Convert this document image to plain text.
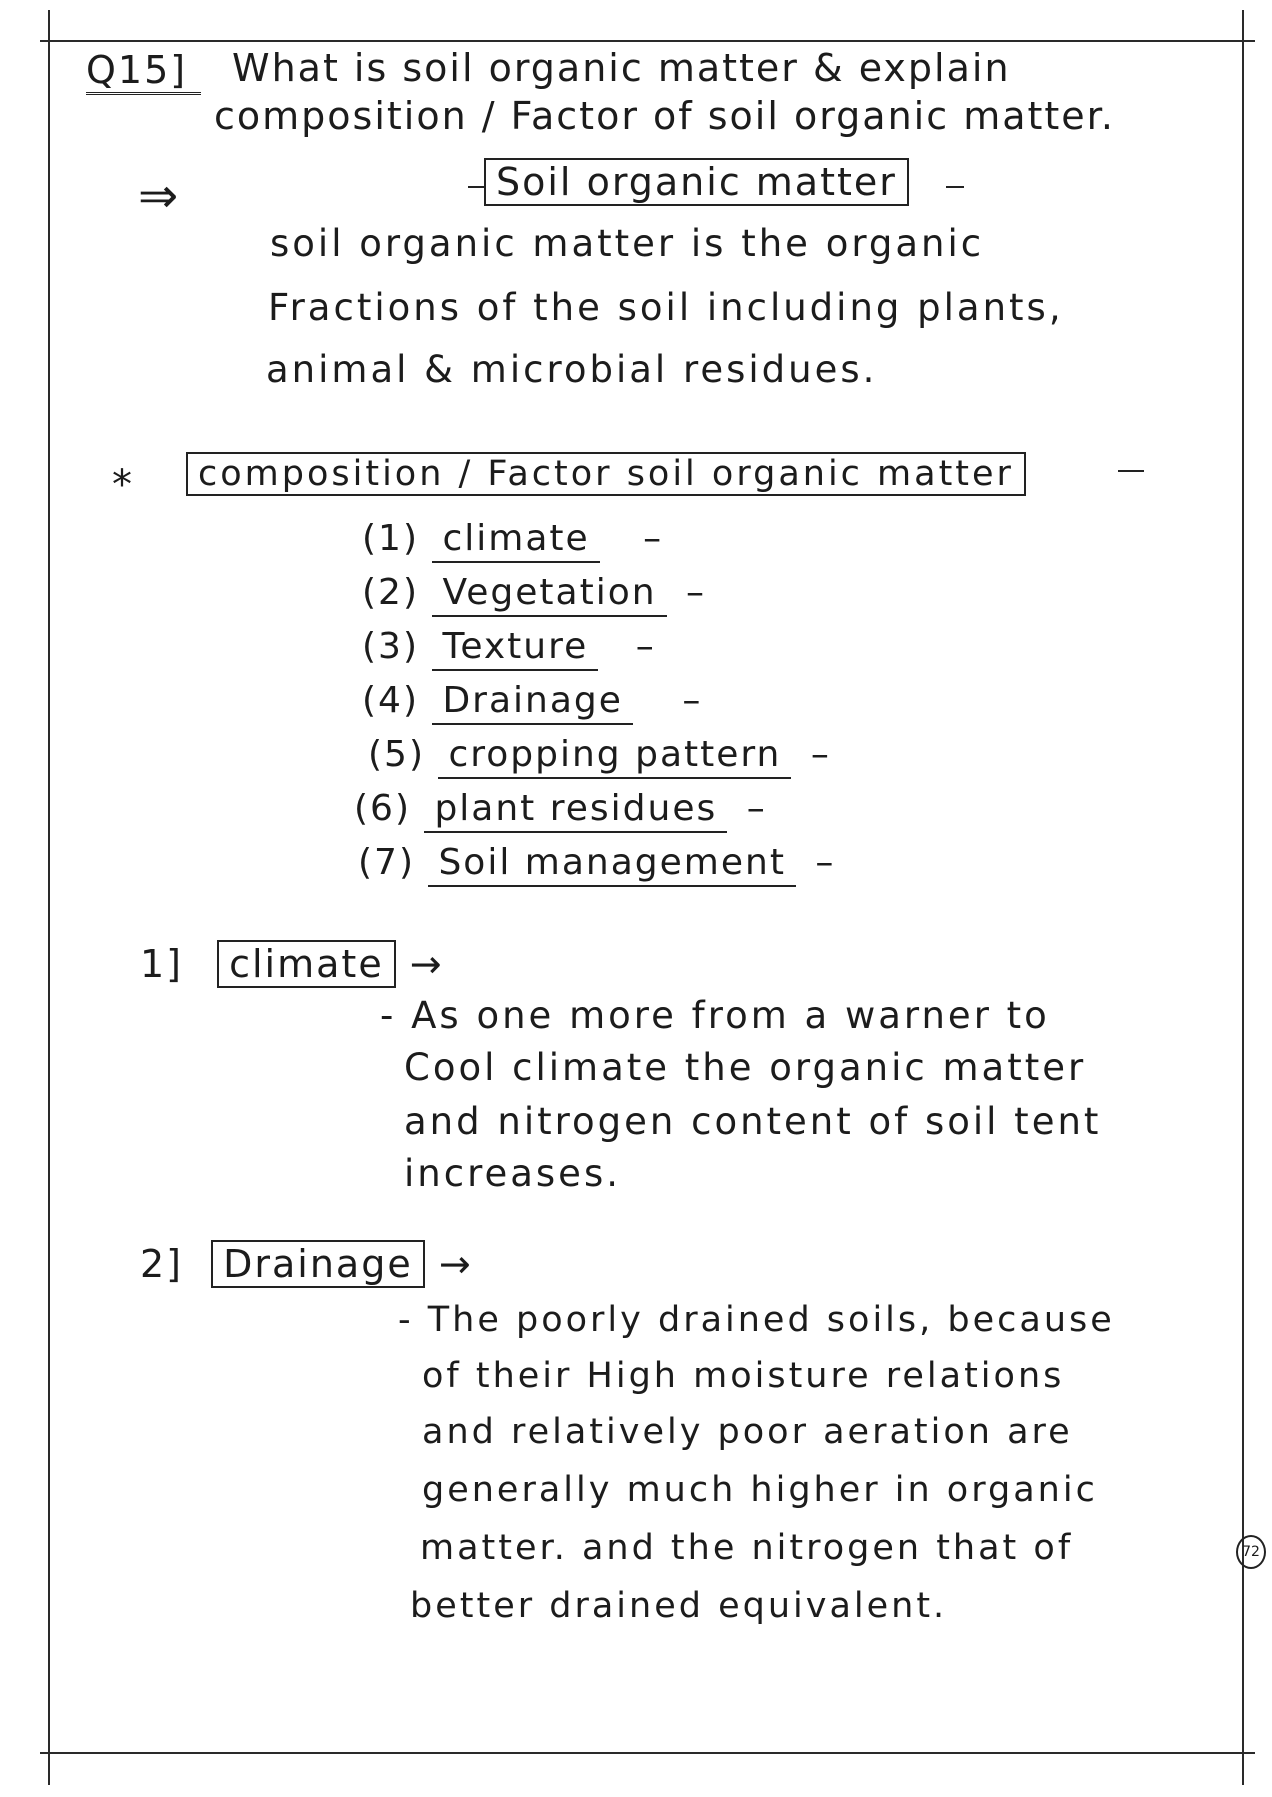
Q15]	What is soil organic matter & explain
composition / Factor of soil organic matter.
⇒	Soil organic matter
soil organic matter is the organic
Fractions of the soil including plants,
animal & microbial residues.
*	composition / Factor soil organic matter
(1) climate –
(2) Vegetation –
(3) Texture –
(4) Drainage –
(5) cropping pattern –
(6) plant residues –
(7) Soil management –
1] climate →
- As one more from a warner to
Cool climate the organic matter
and nitrogen content of soil tent
increases.
2] Drainage →
- The poorly drained soils, because
of their High moisture relations
and relatively poor aeration are
generally much higher in organic
matter. and the nitrogen that of
better drained equivalent.
72
